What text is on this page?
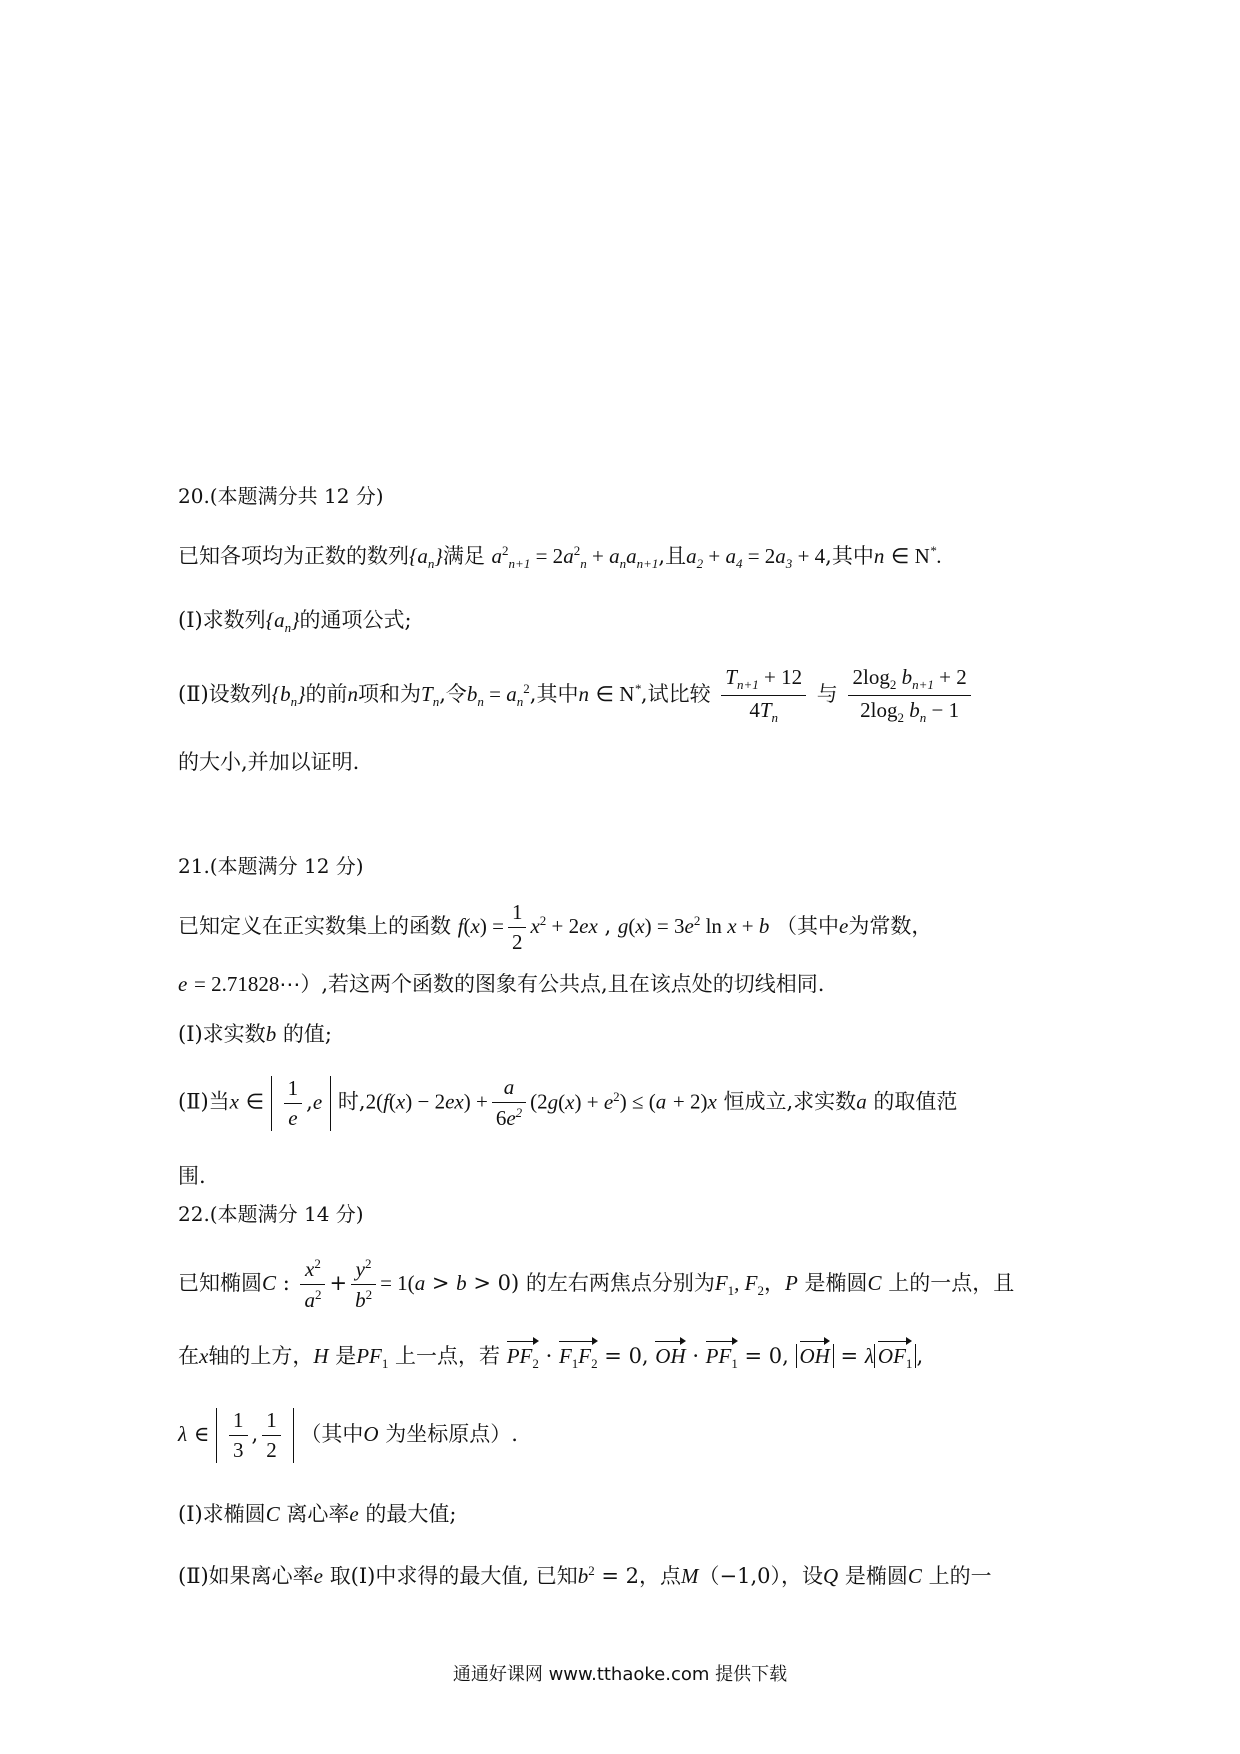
20.(本题满分共 12 分)
已知各项均为正数的数列$\{a_n\}$满足 $a^2_{n+1} = 2a^2_n + a_na_{n+1}$,且$a_2 + a_4 = 2a_3 + 4$,其中n ∈ N*.
(Ⅰ)求数列$\{a_n\}$的通项公式;
(Ⅱ)设数列$\{b_n\}$的前n项和为$T_n$,令$b_n = a_n^2$,其中n ∈ N*,试比较 $\frac{T_{n+1} + 12}{4T_n}$ 与 $\frac{2\log_2 b_{n+1} + 2}{2\log_2 b_n - 1}$
的大小,并加以证明.
21.(本题满分 12 分)
已知定义在正实数集上的函数 $f(x) = \frac{1}{2} x^2 + 2ex$ , $g(x) = 3e^2$ ln x + b （其中e为常数，
e = 2.71828⋯）,若这两个函数的图象有公共点,且在该点处的切线相同.
(Ⅰ)求实数b 的值;
(Ⅱ)当x ∈ $\frac{1}{e} ,e$ 时$,2(f(x) - 2ex) + \frac{a}{6e^2} (2g(x) + e^2) \le (a + 2)x$ 恒成立,求实数a 的取值范
围.
22.(本题满分 14 分)
已知椭圆C : $\frac{x^2}{a^2} + \frac{y^2}{b^2} = 1(a > b > 0)$ 的左右两焦点分别为$F_1$, $F_2$，P 是椭圆C 上的一点，且
在x轴的上方，H 是$PF_1$ 上一点，若 $PF_2 \cdot F_1F_2 = 0$, OH · $PF_1 = 0$, OH = λ $OF_1$ ,
λ ∈ $\frac{1}{3}$ , $\frac{1}{2}$ （其中O 为坐标原点）.
(Ⅰ)求椭圆C 离心率e 的最大值;
(Ⅱ)如果离心率e 取(Ⅰ)中求得的最大值, 已知$b^2 = 2$，点M（−1,0），设Q 是椭圆C 上的一
通通好课网 www.tthaoke.com 提供下载
